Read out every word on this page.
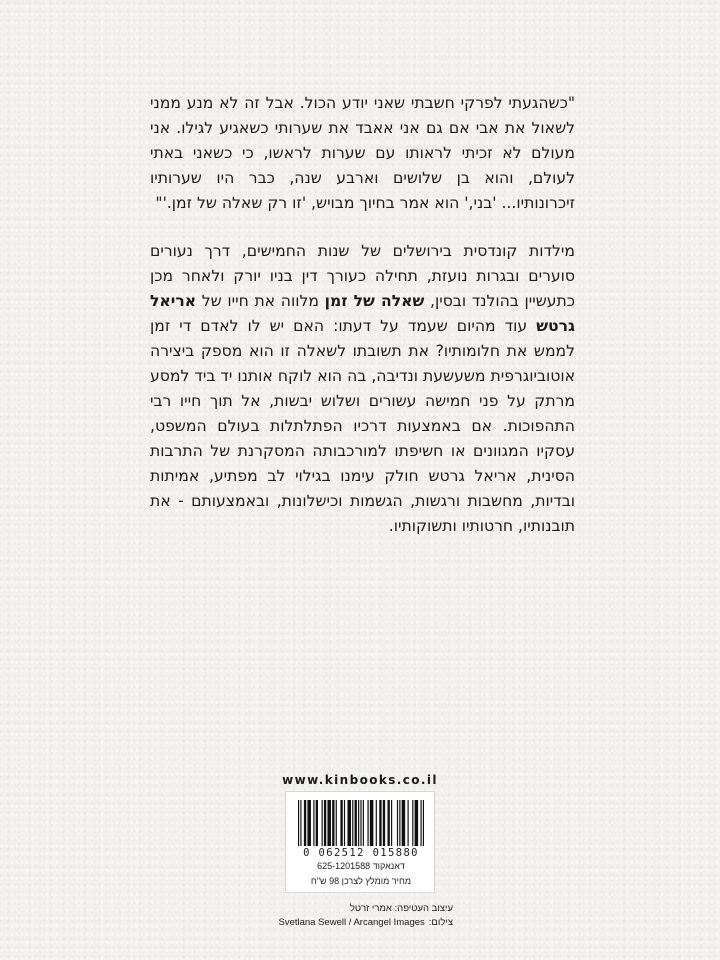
"כשהגעתי לפרקי חשבתי שאני יודע הכול. אבל זה לא מנע ממני לשאול את אבי אם גם אני אאבד את שערותי כשאגיע לגילו. אני מעולם לא זכיתי לראותו עם שערות לראשו, כי כשאני באתי לעולם, והוא בן שלושים וארבע שנה, כבר היו שערותיו זיכרונותיו... 'בני,' הוא אמר בחיוך מבויש, 'זו רק שאלה של זמן.'"
מילדות קונדסית בירושלים של שנות החמישים, דרך נעורים סוערים ובגרות נועזת, תחילה כעורך דין בניו יורק ולאחר מכן כתעשיין בהולנד ובסין, שאלה של זמן מלווה את חייו של אריאל גרטש עוד מהיום שעמד על דעתו: האם יש לו לאדם די זמן לממש את חלומותיו? את תשובתו לשאלה זו הוא מספק ביצירה אוטוביוגרפית משעשעת ונדיבה, בה הוא לוקח אותנו יד ביד למסע מרתק על פני חמישה עשורים ושלוש יבשות, אל תוך חייו רבי התהפוכות. אם באמצעות דרכיו הפתלתלות בעולם המשפט, עסקיו המגוונים או חשיפתו למורכבותה המסקרנת של התרבות הסינית, אריאל גרטש חולק עימנו בגילוי לב מפתיע, אמיתות ובדיות, מחשבות ורגשות, הגשמות וכישלונות, ובאמצעותם - את תובנותיו, חרטותיו ותשוקותיו.
www.kinbooks.co.il
0 062512 015880
דאנאקוד 625-1201588
מחיר מומלץ לצרכן 98 ש"ח
עיצוב העטיפה: אמרי זרטל
צילום:
Svetlana Sewell / Arcangel Images
